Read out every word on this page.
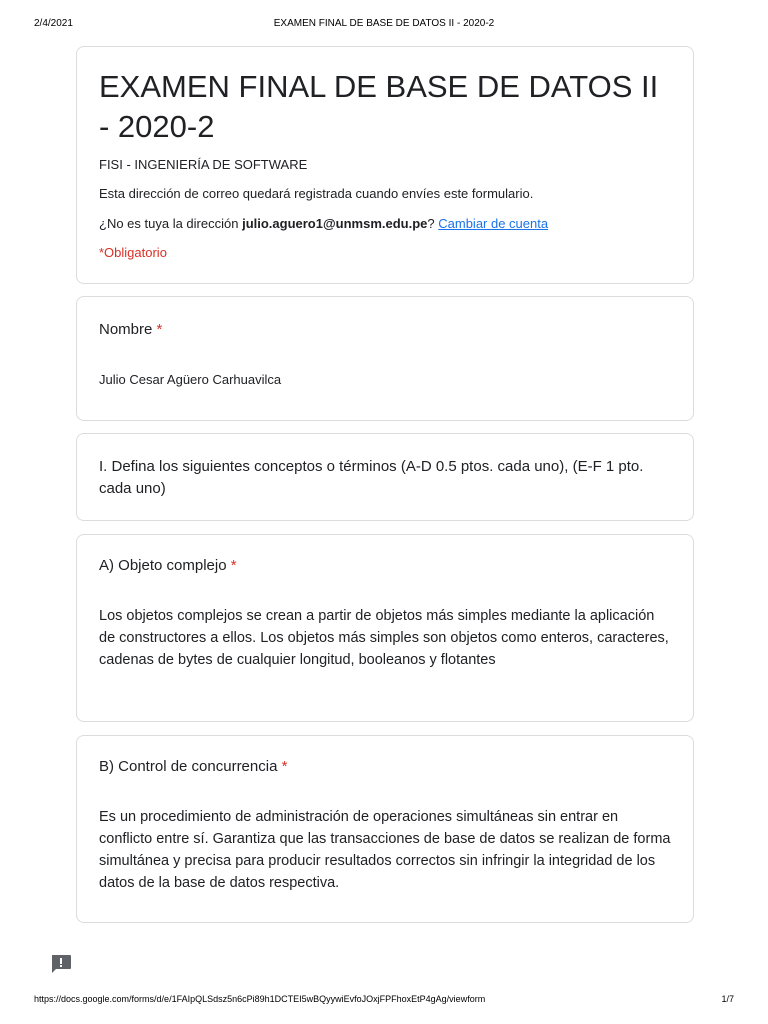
2/4/2021	EXAMEN FINAL DE BASE DE DATOS II - 2020-2
EXAMEN FINAL DE BASE DE DATOS II - 2020-2
FISI - INGENIERÍA DE SOFTWARE
Esta dirección de correo quedará registrada cuando envíes este formulario.
¿No es tuya la dirección julio.aguero1@unmsm.edu.pe? Cambiar de cuenta
*Obligatorio
Nombre *
Julio Cesar Agüero Carhuavilca
I. Defina los siguientes conceptos o términos (A-D 0.5 ptos. cada uno), (E-F 1 pto. cada uno)
A) Objeto complejo *
Los objetos complejos se crean a partir de objetos más simples mediante la aplicación de constructores a ellos. Los objetos más simples son objetos como enteros, caracteres, cadenas de bytes de cualquier longitud, booleanos y flotantes
B) Control de concurrencia *
Es un procedimiento de administración de operaciones simultáneas sin entrar en conflicto entre sí. Garantiza que las transacciones de base de datos se realizan de forma simultánea y precisa para producir resultados correctos sin infringir la integridad de los datos de la base de datos respectiva.
https://docs.google.com/forms/d/e/1FAIpQLSdsz5n6cPi89h1DCTEI5wBQyywiEvfoJOxjFPFhoxEtP4gAg/viewform	1/7
